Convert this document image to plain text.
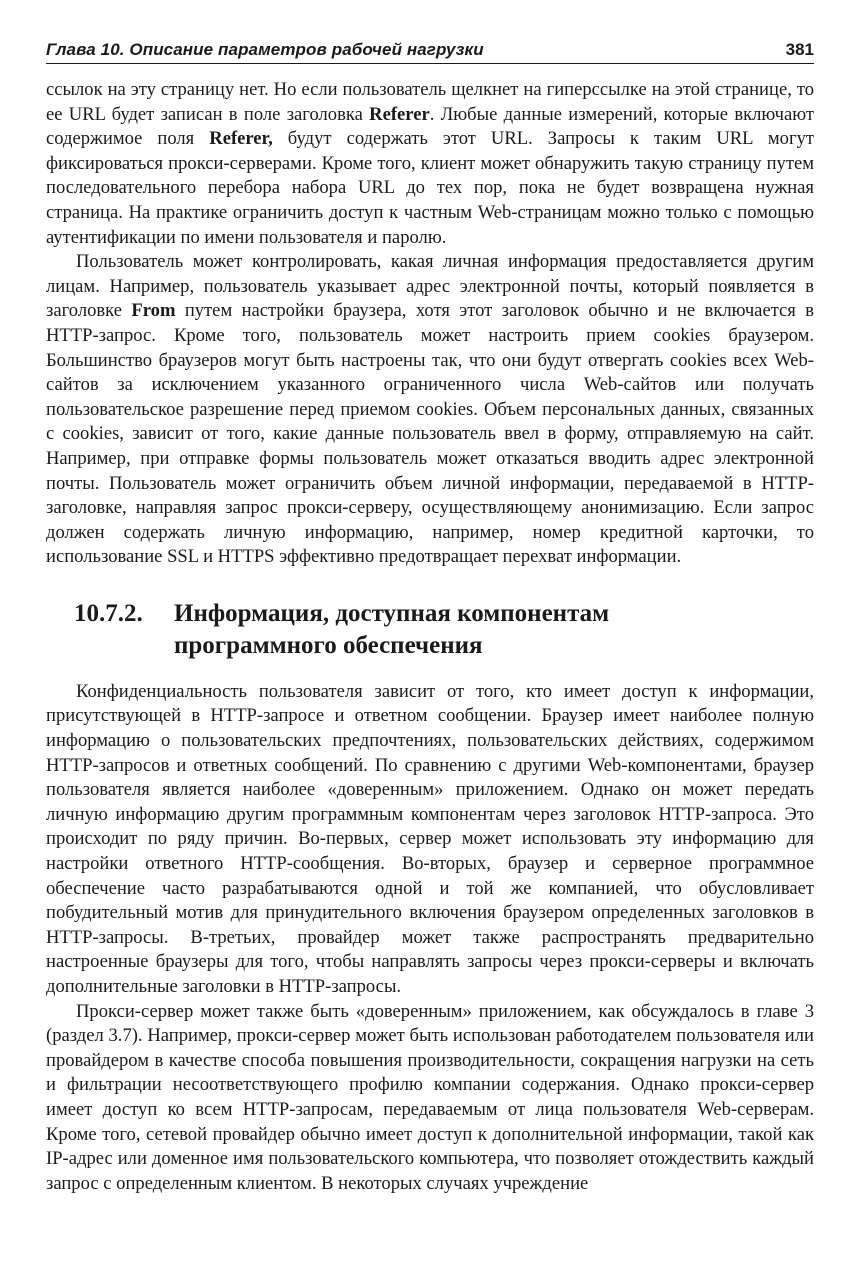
Глава 10. Описание параметров рабочей нагрузки	381

ссылок на эту страницу нет. Но если пользователь щелкнет на гиперссылке на этой странице, то ее URL будет записан в поле заголовка Referer. Любые данные измерений, которые включают содержимое поля Referer, будут содержать этот URL. Запросы к таким URL могут фиксироваться прокси-серверами. Кроме того, клиент может обнаружить такую страницу путем последовательного перебора набора URL до тех пор, пока не будет возвращена нужная страница. На практике ограничить доступ к частным Web-страницам можно только с помощью аутентификации по имени пользователя и паролю.

Пользователь может контролировать, какая личная информация предоставляется другим лицам. Например, пользователь указывает адрес электронной почты, который появляется в заголовке From путем настройки браузера, хотя этот заголовок обычно и не включается в HTTP-запрос. Кроме того, пользователь может настроить прием cookies браузером. Большинство браузеров могут быть настроены так, что они будут отвергать cookies всех Web-сайтов за исключением указанного ограниченного числа Web-сайтов или получать пользовательское разрешение перед приемом cookies. Объем персональных данных, связанных с cookies, зависит от того, какие данные пользователь ввел в форму, отправляемую на сайт. Например, при отправке формы пользователь может отказаться вводить адрес электронной почты. Пользователь может ограничить объем личной информации, передаваемой в HTTP-заголовке, направляя запрос прокси-серверу, осуществляющему анонимизацию. Если запрос должен содержать личную информацию, например, номер кредитной карточки, то использование SSL и HTTPS эффективно предотвращает перехват информации.

10.7.2.	Информация, доступная компонентам программного обеспечения

Конфиденциальность пользователя зависит от того, кто имеет доступ к информации, присутствующей в HTTP-запросе и ответном сообщении. Браузер имеет наиболее полную информацию о пользовательских предпочтениях, пользовательских действиях, содержимом HTTP-запросов и ответных сообщений. По сравнению с другими Web-компонентами, браузер пользователя является наиболее «доверенным» приложением. Однако он может передать личную информацию другим программным компонентам через заголовок HTTP-запроса. Это происходит по ряду причин. Во-первых, сервер может использовать эту информацию для настройки ответного HTTP-сообщения. Во-вторых, браузер и серверное программное обеспечение часто разрабатываются одной и той же компанией, что обусловливает побудительный мотив для принудительного включения браузером определенных заголовков в HTTP-запросы. В-третьих, провайдер может также распространять предварительно настроенные браузеры для того, чтобы направлять запросы через прокси-серверы и включать дополнительные заголовки в HTTP-запросы.

Прокси-сервер может также быть «доверенным» приложением, как обсуждалось в главе 3 (раздел 3.7). Например, прокси-сервер может быть использован работодателем пользователя или провайдером в качестве способа повышения производительности, сокращения нагрузки на сеть и фильтрации несоответствующего профилю компании содержания. Однако прокси-сервер имеет доступ ко всем HTTP-запросам, передаваемым от лица пользователя Web-серверам. Кроме того, сетевой провайдер обычно имеет доступ к дополнительной информации, такой как IP-адрес или доменное имя пользовательского компьютера, что позволяет отождествить каждый запрос с определенным клиентом. В некоторых случаях учреждение
